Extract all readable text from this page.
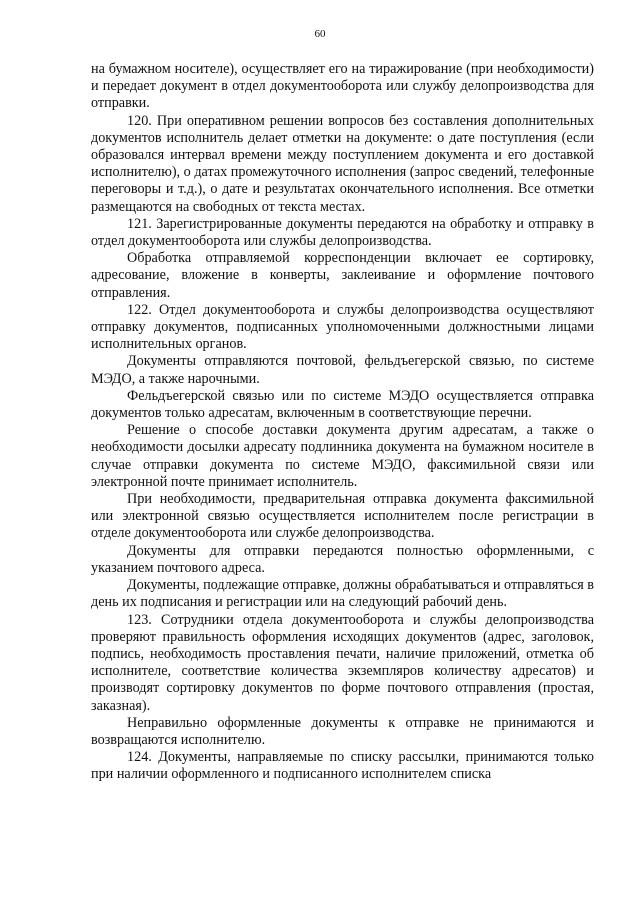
60

на бумажном носителе), осуществляет его на тиражирование (при необходимости) и передает документ в отдел документооборота или службу делопроизводства для отправки.

120. При оперативном решении вопросов без составления дополнительных документов исполнитель делает отметки на документе: о дате поступления (если образовался интервал времени между поступлением документа и его доставкой исполнителю), о датах промежуточного исполнения (запрос сведений, телефонные переговоры и т.д.), о дате и результатах окончательного исполнения. Все отметки размещаются на свободных от текста местах.

121. Зарегистрированные документы передаются на обработку и отправку в отдел документооборота или службы делопроизводства.

Обработка отправляемой корреспонденции включает ее сортировку, адресование, вложение в конверты, заклеивание и оформление почтового отправления.

122. Отдел документооборота и службы делопроизводства осуществляют отправку документов, подписанных уполномоченными должностными лицами исполнительных органов.

Документы отправляются почтовой, фельдъегерской связью, по системе МЭДО, а также нарочными.

Фельдъегерской связью или по системе МЭДО осуществляется отправка документов только адресатам, включенным в соответствующие перечни.

Решение о способе доставки документа другим адресатам, а также о необходимости досылки адресату подлинника документа на бумажном носителе в случае отправки документа по системе МЭДО, факсимильной связи или электронной почте принимает исполнитель.

При необходимости, предварительная отправка документа факсимильной или электронной связью осуществляется исполнителем после регистрации в отделе документооборота или службе делопроизводства.

Документы для отправки передаются полностью оформленными, с указанием почтового адреса.

Документы, подлежащие отправке, должны обрабатываться и отправляться в день их подписания и регистрации или на следующий рабочий день.

123. Сотрудники отдела документооборота и службы делопроизводства проверяют правильность оформления исходящих документов (адрес, заголовок, подпись, необходимость проставления печати, наличие приложений, отметка об исполнителе, соответствие количества экземпляров количеству адресатов) и производят сортировку документов по форме почтового отправления (простая, заказная).

Неправильно оформленные документы к отправке не принимаются и возвращаются исполнителю.

124. Документы, направляемые по списку рассылки, принимаются только при наличии оформленного и подписанного исполнителем списка
